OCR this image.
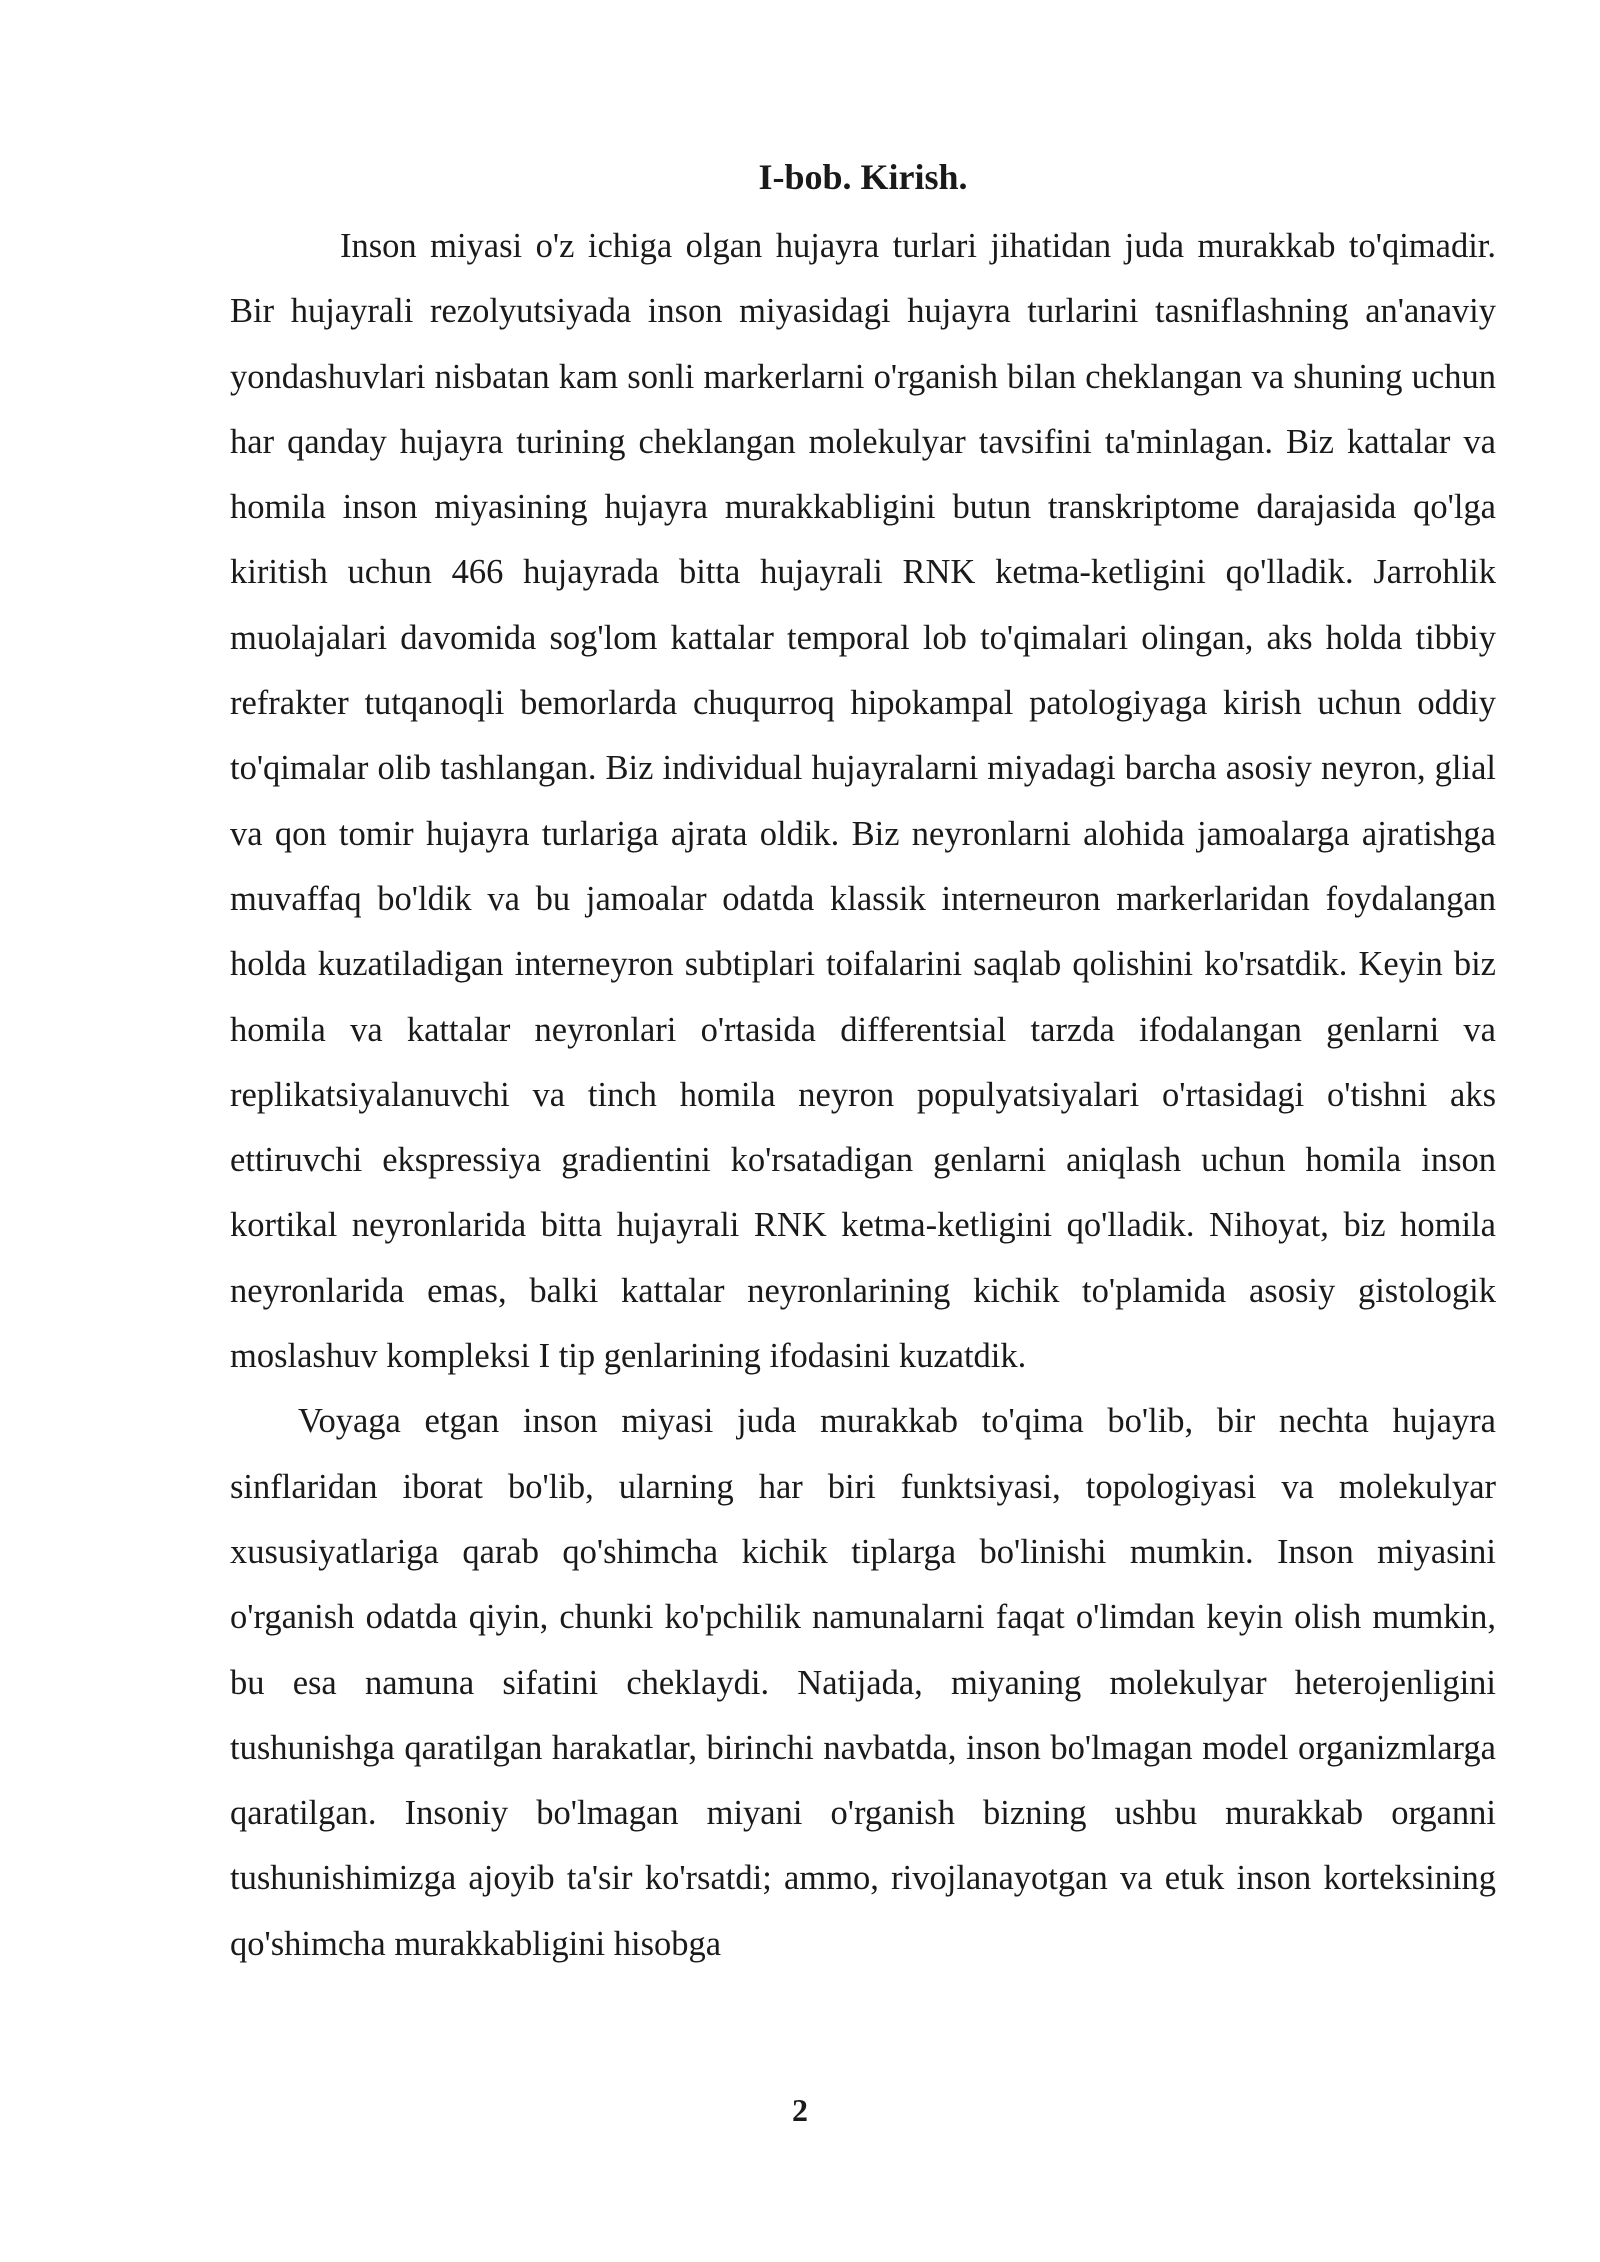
I-bob. Kirish.

Inson miyasi o'z ichiga olgan hujayra turlari jihatidan juda murakkab to'qimadir. Bir hujayrali rezolyutsiyada inson miyasidagi hujayra turlarini tasniflashning an'anaviy yondashuvlari nisbatan kam sonli markerlarni o'rganish bilan cheklangan va shuning uchun har qanday hujayra turining cheklangan molekulyar tavsifini ta'minlagan. Biz kattalar va homila inson miyasining hujayra murakkabligini butun transkriptome darajasida qo'lga kiritish uchun 466 hujayrada bitta hujayrali RNK ketma-ketligini qo'lladik. Jarrohlik muolajalari davomida sog'lom kattalar temporal lob to'qimalari olingan, aks holda tibbiy refrakter tutqanoqli bemorlarda chuqurroq hipokampal patologiyaga kirish uchun oddiy to'qimalar olib tashlangan. Biz individual hujayralarni miyadagi barcha asosiy neyron, glial va qon tomir hujayra turlariga ajrata oldik. Biz neyronlarni alohida jamoalarga ajratishga muvaffaq bo'ldik va bu jamoalar odatda klassik interneuron markerlaridan foydalangan holda kuzatiladigan interneyron subtiplari toifalarini saqlab qolishini ko'rsatdik. Keyin biz homila va kattalar neyronlari o'rtasida differentsial tarzda ifodalangan genlarni va replikatsiyalanuvchi va tinch homila neyron populyatsiyalari o'rtasidagi o'tishni aks ettiruvchi ekspressiya gradientini ko'rsatadigan genlarni aniqlash uchun homila inson kortikal neyronlarida bitta hujayrali RNK ketma-ketligini qo'lladik. Nihoyat, biz homila neyronlarida emas, balki kattalar neyronlarining kichik to'plamida asosiy gistologik moslashuv kompleksi I tip genlarining ifodasini kuzatdik.

Voyaga etgan inson miyasi juda murakkab to'qima bo'lib, bir nechta hujayra sinflaridan iborat bo'lib, ularning har biri funktsiyasi, topologiyasi va molekulyar xususiyatlariga qarab qo'shimcha kichik tiplarga bo'linishi mumkin. Inson miyasini o'rganish odatda qiyin, chunki ko'pchilik namunalarni faqat o'limdan keyin olish mumkin, bu esa namuna sifatini cheklaydi. Natijada, miyaning molekulyar heterojenligini tushunishga qaratilgan harakatlar, birinchi navbatda, inson bo'lmagan model organizmlarga qaratilgan. Insoniy bo'lmagan miyani o'rganish bizning ushbu murakkab organni tushunishimizga ajoyib ta'sir ko'rsatdi; ammo, rivojlanayotgan va etuk inson korteksining qo'shimcha murakkabligini hisobga

2
